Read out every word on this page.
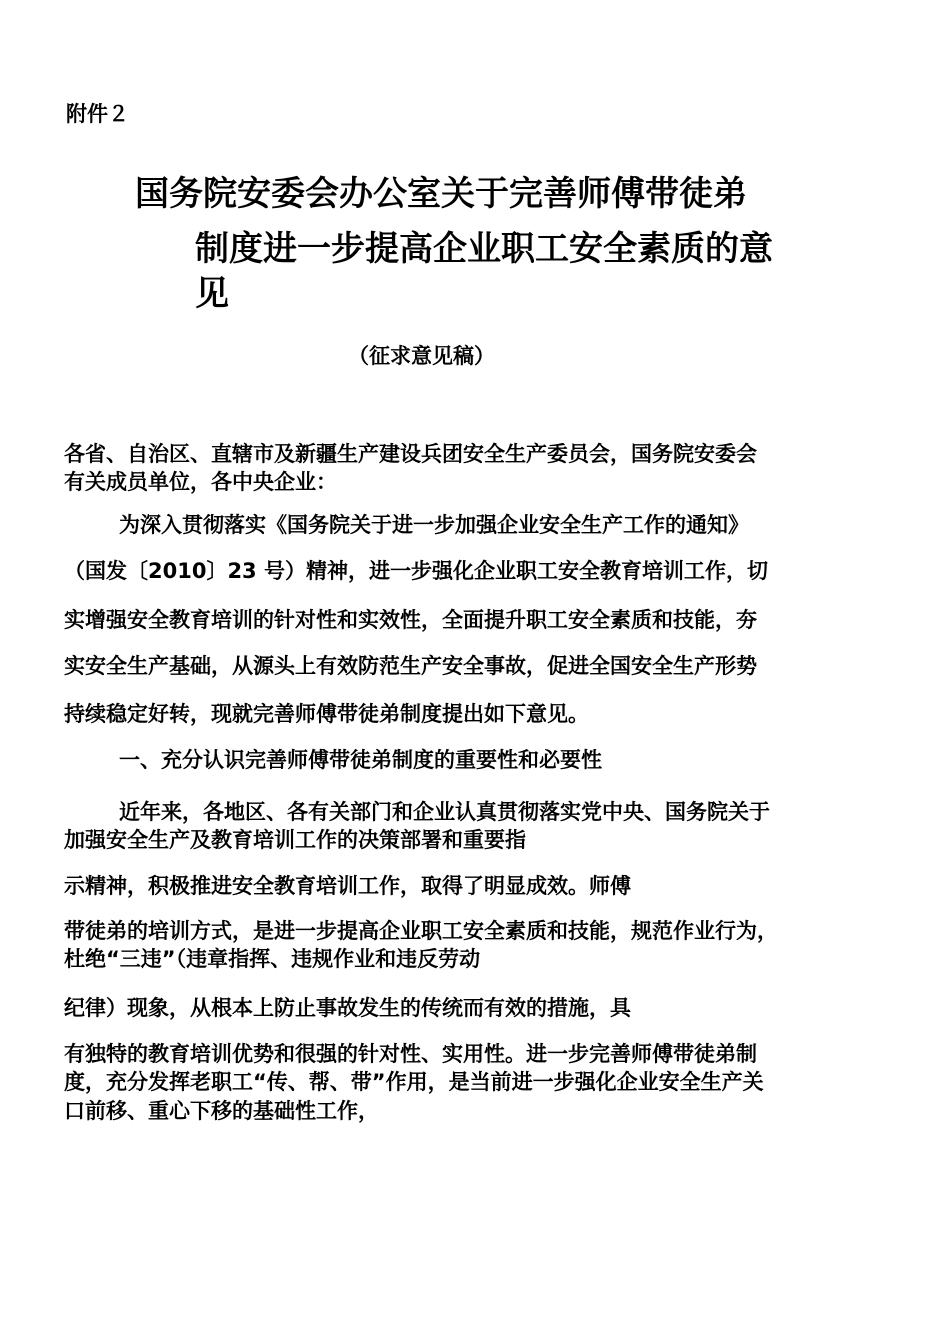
附件２
国务院安委会办公室关于完善师傅带徒弟
制度进一步提高企业职工安全素质的意
见
（征求意见稿）
各省、自治区、直辖市及新疆生产建设兵团安全生产委员会，国务院安委会
有关成员单位，各中央企业：
为深入贯彻落实《国务院关于进一步加强企业安全生产工作的通知》
（国发〔2010〕23 号）精神，进一步强化企业职工安全教育培训工作，切
实增强安全教育培训的针对性和实效性，全面提升职工安全素质和技能，夯
实安全生产基础，从源头上有效防范生产安全事故，促进全国安全生产形势
持续稳定好转，现就完善师傅带徒弟制度提出如下意见。
一、充分认识完善师傅带徒弟制度的重要性和必要性
近年来，各地区、各有关部门和企业认真贯彻落实党中央、国务院关于
加强安全生产及教育培训工作的决策部署和重要指
示精神，积极推进安全教育培训工作，取得了明显成效。师傅
带徒弟的培训方式，是进一步提高企业职工安全素质和技能，规范作业行为，
杜绝“三违”（违章指挥、违规作业和违反劳动
纪律）现象，从根本上防止事故发生的传统而有效的措施，具
有独特的教育培训优势和很强的针对性、实用性。进一步完善师傅带徒弟制
度，充分发挥老职工“传、帮、带”作用，是当前进一步强化企业安全生产关
口前移、重心下移的基础性工作，
